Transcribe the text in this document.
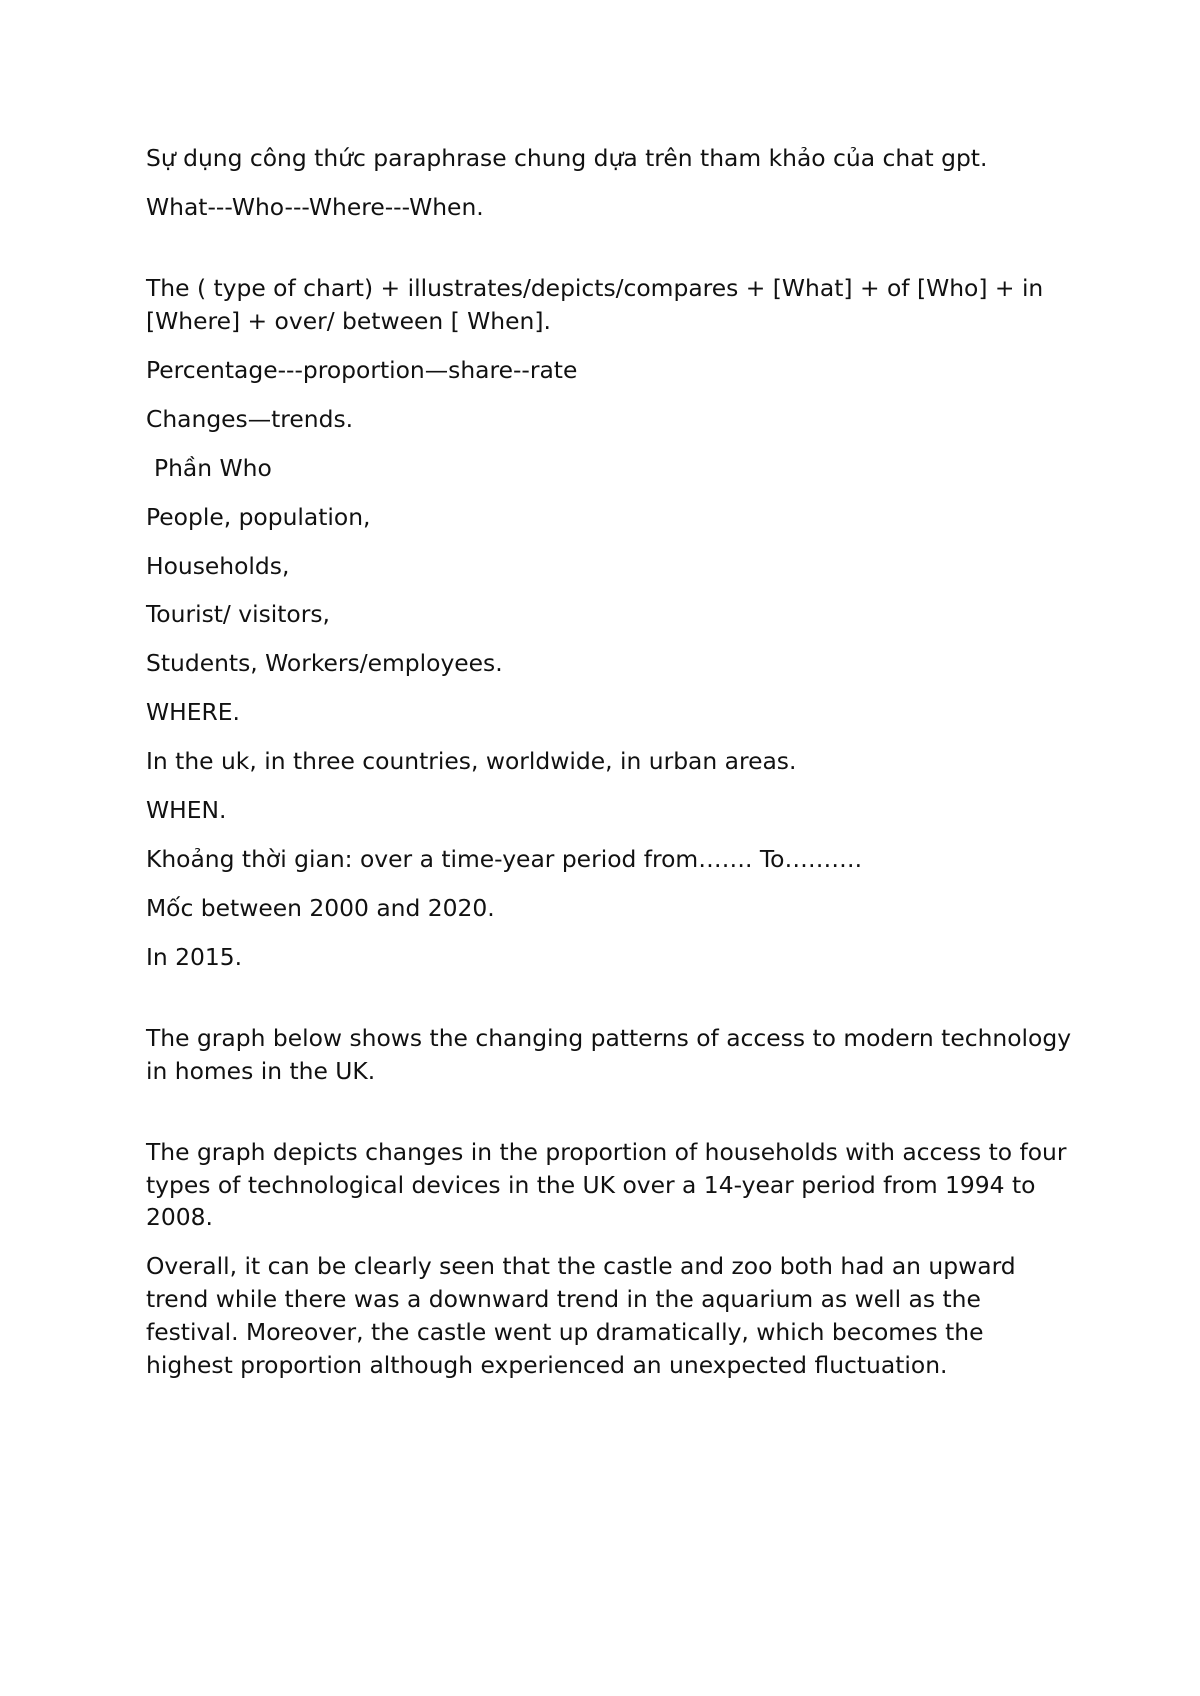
Sự dụng công thức paraphrase chung dựa trên tham khảo của chat gpt.

What---Who---Where---When.

The ( type of chart) + illustrates/depicts/compares + [What] + of [Who] + in [Where] + over/ between [ When].

Percentage---proportion—share--rate

Changes—trends.

Phần Who

People, population,

Households,

Tourist/ visitors,

Students, Workers/employees.

WHERE.

In the uk, in three countries, worldwide, in urban areas.

WHEN.

Khoảng thời gian: over a time-year period from……. To……….

Mốc between 2000 and 2020.

In 2015.

The graph below shows the changing patterns of access to modern technology in homes in the UK.

The graph depicts changes in the proportion of households with access to four types of technological devices in the UK over a 14-year period from 1994 to 2008.

Overall, it can be clearly seen that the castle and zoo both had an upward trend while there was a downward trend in the aquarium as well as the festival. Moreover, the castle went up dramatically, which becomes the highest proportion although experienced an unexpected fluctuation.
